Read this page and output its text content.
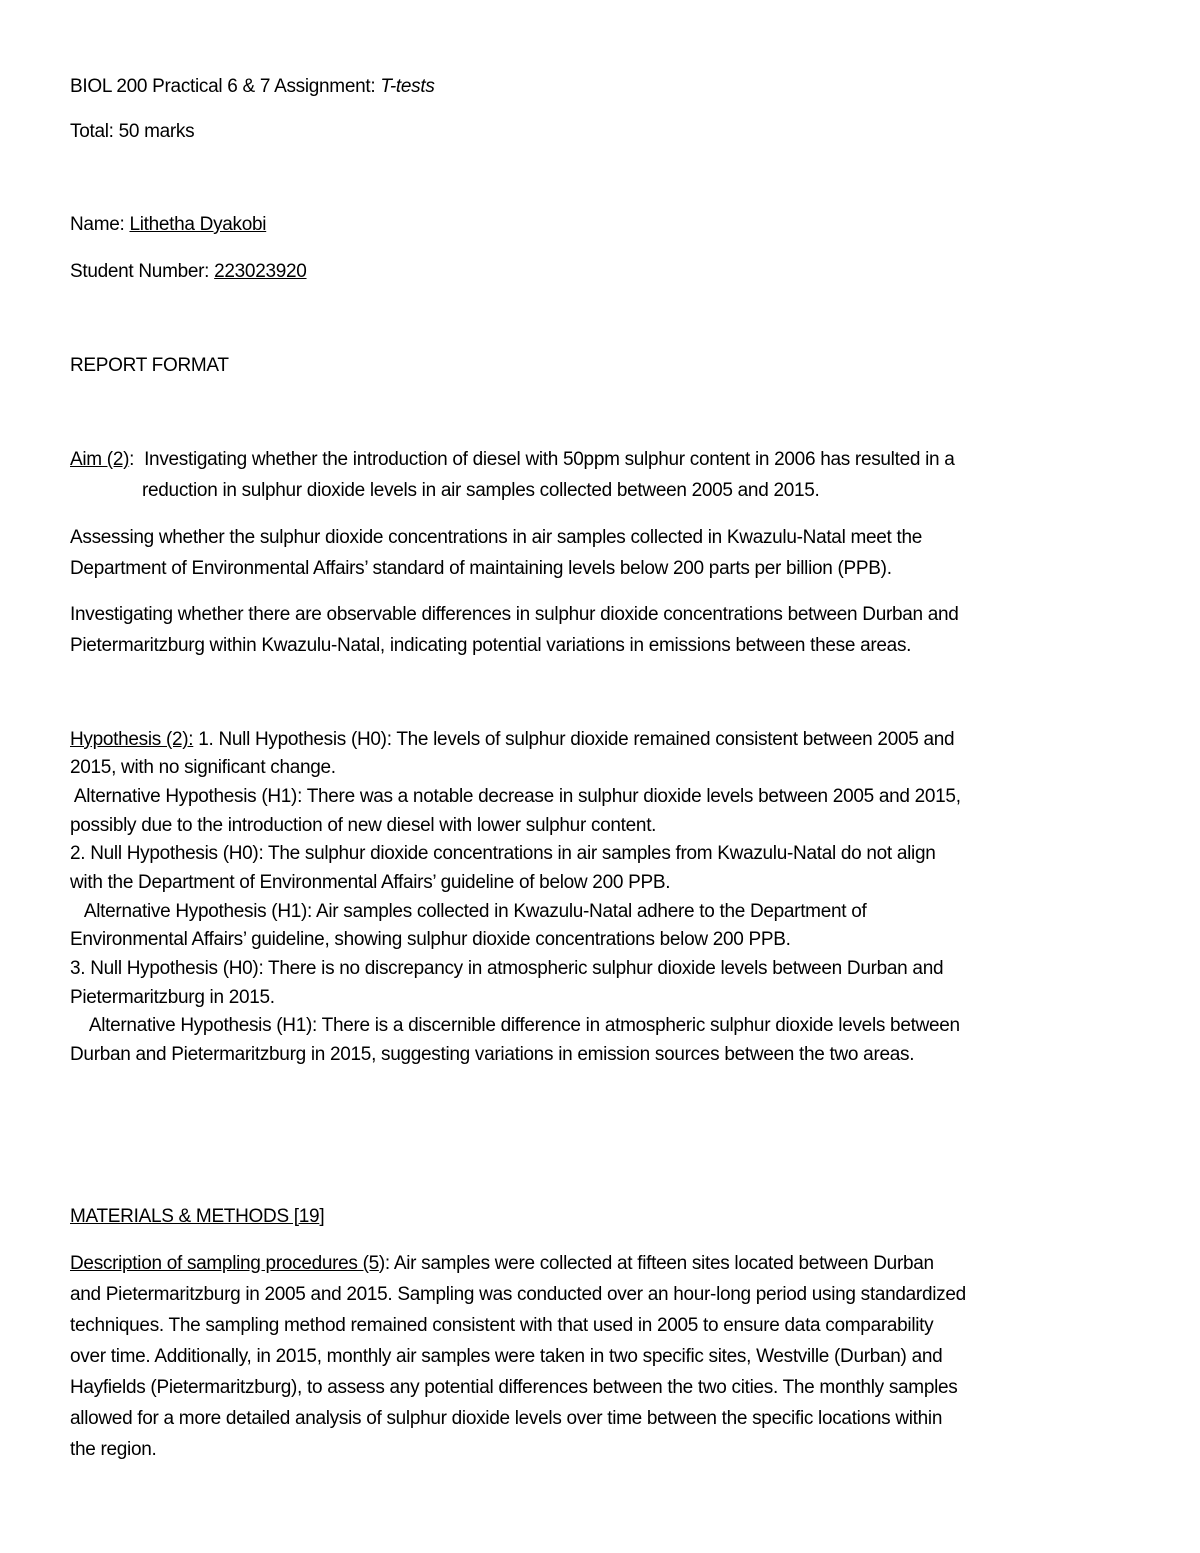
BIOL 200 Practical 6 & 7 Assignment: T-tests
Total: 50 marks
Name: Lithetha Dyakobi
Student Number: 223023920
REPORT FORMAT
Aim (2):  Investigating whether the introduction of diesel with 50ppm sulphur content in 2006 has resulted in a
reduction in sulphur dioxide levels in air samples collected between 2005 and 2015.
Assessing whether the sulphur dioxide concentrations in air samples collected in Kwazulu-Natal meet the
Department of Environmental Affairs’ standard of maintaining levels below 200 parts per billion (PPB).
Investigating whether there are observable differences in sulphur dioxide concentrations between Durban and
Pietermaritzburg within Kwazulu-Natal, indicating potential variations in emissions between these areas.
Hypothesis (2): 1. Null Hypothesis (H0): The levels of sulphur dioxide remained consistent between 2005 and
2015, with no significant change.
Alternative Hypothesis (H1): There was a notable decrease in sulphur dioxide levels between 2005 and 2015,
possibly due to the introduction of new diesel with lower sulphur content.
2. Null Hypothesis (H0): The sulphur dioxide concentrations in air samples from Kwazulu-Natal do not align
with the Department of Environmental Affairs’ guideline of below 200 PPB.
Alternative Hypothesis (H1): Air samples collected in Kwazulu-Natal adhere to the Department of
Environmental Affairs’ guideline, showing sulphur dioxide concentrations below 200 PPB.
3. Null Hypothesis (H0): There is no discrepancy in atmospheric sulphur dioxide levels between Durban and
Pietermaritzburg in 2015.
Alternative Hypothesis (H1): There is a discernible difference in atmospheric sulphur dioxide levels between
Durban and Pietermaritzburg in 2015, suggesting variations in emission sources between the two areas.
MATERIALS & METHODS [19]
Description of sampling procedures (5): Air samples were collected at fifteen sites located between Durban
and Pietermaritzburg in 2005 and 2015. Sampling was conducted over an hour-long period using standardized
techniques. The sampling method remained consistent with that used in 2005 to ensure data comparability
over time. Additionally, in 2015, monthly air samples were taken in two specific sites, Westville (Durban) and
Hayfields (Pietermaritzburg), to assess any potential differences between the two cities. The monthly samples
allowed for a more detailed analysis of sulphur dioxide levels over time between the specific locations within
the region.
